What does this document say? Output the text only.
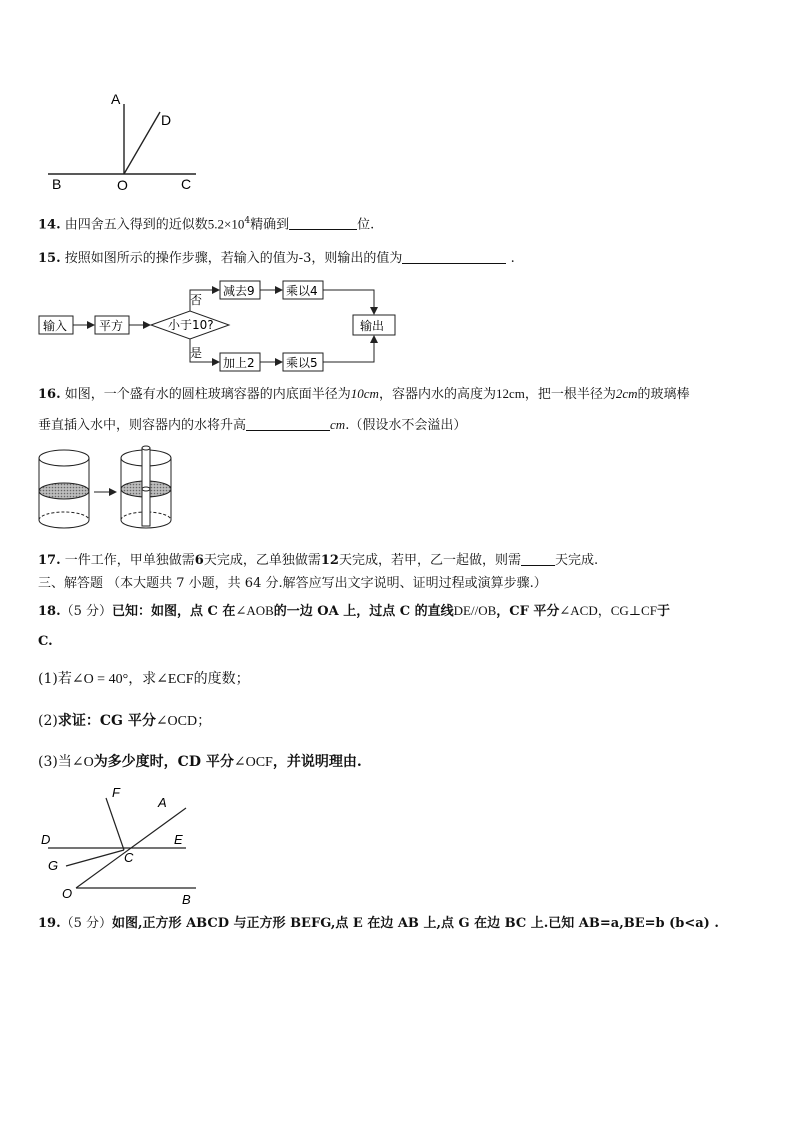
A
D
B	O	C
14. 由四舍五入得到的近似数$5.2\times 10^4$精确到	位.
15. 按照如图所示的操作步骤，若输入的值为-3，则输出的值为	.
输入	平方	小于10?
否
是
减去9	乘以4
加上2	乘以5
输出
16. 如图，一个盛有水的圆柱玻璃容器的内底面半径为10cm，容器内水的高度为12cm，把一根半径为2cm的玻璃棒
垂直插入水中，则容器内的水将升高	cm.（假设水不会溢出）
17. 一件工作，甲单独做需6天完成，乙单独做需12天完成，若甲，乙一起做，则需	天完成.
三、解答题 （本大题共 7 小题，共 64 分.解答应写出文字说明、证明过程或演算步骤.）
18.（5 分）已知：如图，点 C 在∠AOB的一边 OA 上，过点 C 的直线DE//OB，CF 平分∠ACD，CG⊥CF于
C.
(1)若∠O = 40°，求∠ECF的度数；
(2)求证：CG 平分∠OCD；
(3)当∠O为多少度时，CD 平分∠OCF，并说明理由.
F
A
D	E
G
C
O	B
19.（5 分）如图,正方形 ABCD 与正方形 BEFG,点 E 在边 AB 上,点 G 在边 BC 上.已知 AB=a,BE=b (b<a) .
